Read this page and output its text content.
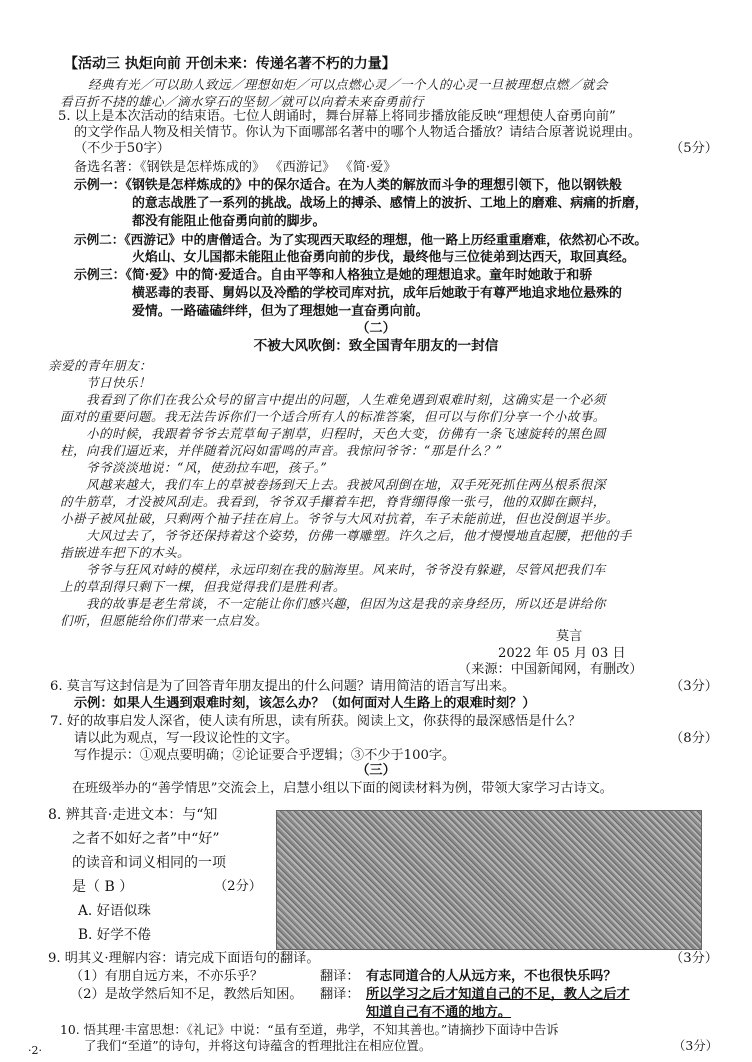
【活动三 执炬向前 开创未来：传递名著不朽的力量】
经典有光／可以助人致远／理想如炬／可以点燃心灵／一个人的心灵一旦被理想点燃／就会
看百折不挠的雄心／滴水穿石的坚韧／就可以向着未来奋勇前行
5. 以上是本次活动的结束语。七位人朗诵时，舞台屏幕上将同步播放能反映“理想使人奋勇向前”
的文学作品人物及相关情节。你认为下面哪部名著中的哪个人物适合播放？请结合原著说说理由。
（不少于50字）	（5分）
备选名著：《钢铁是怎样炼成的》 《西游记》 《简·爱》
示例一：《钢铁是怎样炼成的》中的保尔适合。在为人类的解放而斗争的理想引领下，他以钢铁般
的意志战胜了一系列的挑战。战场上的搏杀、感情上的波折、工地上的磨难、病痛的折磨，
都没有能阻止他奋勇向前的脚步。
示例二：《西游记》中的唐僧适合。为了实现西天取经的理想，他一路上历经重重磨难，依然初心不改。
火焰山、女儿国都未能阻止他奋勇向前的步伐，最终他与三位徒弟到达西天，取回真经。
示例三：《简·爱》中的简·爱适合。自由平等和人格独立是她的理想追求。童年时她敢于和骄
横恶毒的表哥、舅妈以及冷酷的学校司库对抗，成年后她敢于有尊严地追求地位悬殊的
爱情。一路磕磕绊绊，但为了理想她一直奋勇向前。
（二）
不被大风吹倒：致全国青年朋友的一封信
亲爱的青年朋友：
节日快乐！
我看到了你们在我公众号的留言中提出的问题，人生难免遇到艰难时刻，这确实是一个必须
面对的重要问题。我无法告诉你们一个适合所有人的标准答案，但可以与你们分享一个小故事。
小的时候，我跟着爷爷去荒草甸子割草，归程时，天色大变，仿佛有一条飞速旋转的黑色圆
柱，向我们逼近来，并伴随着沉闷如雷鸣的声音。我惊问爷爷：“那是什么？”
爷爷淡淡地说：“风，使劲拉车吧，孩子。”
风越来越大，我们车上的草被卷扬到天上去。我被风刮倒在地，双手死死抓住两丛根系很深
的牛筋草，才没被风刮走。我看到，爷爷双手攥着车把，脊背绷得像一张弓，他的双脚在颤抖，
小褂子被风扯破，只剩两个袖子挂在肩上。爷爷与大风对抗着，车子未能前进，但也没倒退半步。
大风过去了，爷爷还保持着这个姿势，仿佛一尊雕塑。许久之后，他才慢慢地直起腰，把他的手
指嵌进车把下的木头。
爷爷与狂风对峙的模样，永远印刻在我的脑海里。风来时，爷爷没有躲避，尽管风把我们车
上的草刮得只剩下一棵，但我觉得我们是胜利者。
我的故事是老生常谈，不一定能让你们感兴趣，但因为这是我的亲身经历，所以还是讲给你
们听，但愿能给你们带来一点启发。
莫言
2022 年 05 月 03 日
（来源：中国新闻网，有删改）
6. 莫言写这封信是为了回答青年朋友提出的什么问题？请用简洁的语言写出来。	（3分）
示例：如果人生遇到艰难时刻，该怎么办？（如何面对人生路上的艰难时刻？）
7. 好的故事启发人深省，使人读有所思，读有所获。阅读上文，你获得的最深感悟是什么？
请以此为观点，写一段议论性的文字。	（8分）
写作提示：①观点要明确；②论证要合乎逻辑；③不少于100字。
（三）
在班级举办的“善学情思”交流会上，启慧小组以下面的阅读材料为例，带领大家学习古诗文。
8. 辨其音·走进文本：与“知
之者不如好之者”中“好”
的读音和词义相同的一项
是（ B ）	（2分）
A. 好语似珠
B. 好学不倦
9. 明其义·理解内容：请完成下面语句的翻译。	（3分）
（1）有朋自远方来，不亦乐乎？	翻译： 有志同道合的人从远方来，不也很快乐吗？
（2）是故学然后知不足，教然后知困。 翻译： 所以学习之后才知道自己的不足，教人之后才
知道自己有不通的地方。
10. 悟其理·丰富思想：《礼记》中说：“虽有至道，弗学，不知其善也。”请摘抄下面诗中告诉
了我们“至道”的诗句，并将这句诗蕴含的哲理批注在相应位置。	（3分）
·2·
